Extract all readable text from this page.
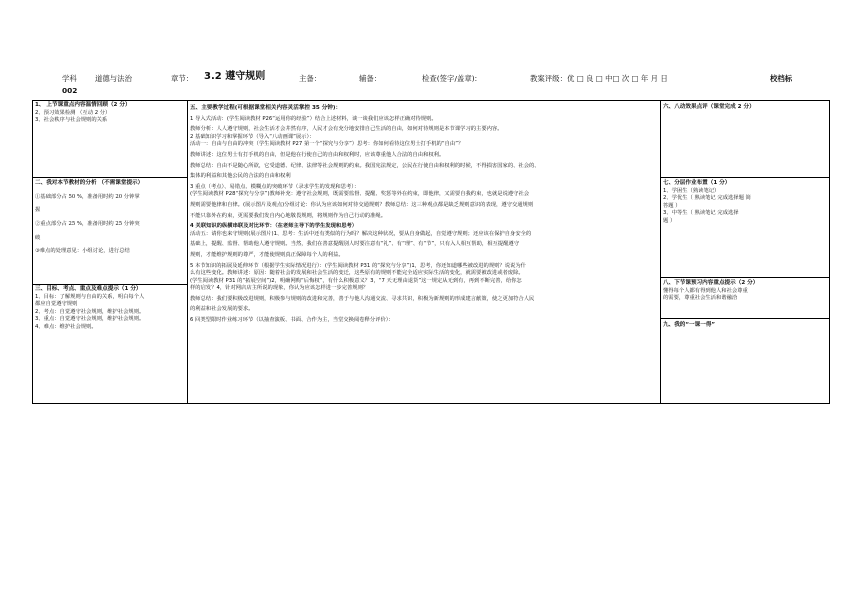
学科 道德与法治	章节： 3.2 遵守规则	主备：	辅备：	检查(签字/盖章):	教案评级：优 □ 良 □ 中□ 次 □ 年 月 日	校档标
002

1、 上节课重点内容温情回顾（2 分）

2、预习效果检测 （互动 2 分）

3、社会秩序与社会规则的关系

二、我对本节教材的分析 （不需课堂提示）

①基础部分占 50 %，准备用时约 20 分钟掌

握

②重点部分占 25 %，准备用时约 25 分钟突

破

③难点的处理意见：小组讨论，进行总结

三、目标、考点、重点及难点提示（1 分）

1、目标：了解规则与自由的关系，明白每个人

都应自觉遵守规则

2、考点：自觉遵守社会规则，维护社会规则。

3、重点：自觉遵守社会规则，维护社会规则。

4、难点：维护社会规则。

五、主要教学过程(可根据课堂相关内容灵活掌控 35 分钟)：

1 导入式活动：(学生阅读教材 P26“运用你的经验”）结合上述材料，谈一谈我们应该怎样正确对待规则。

教师分析：人人遵守规则，社会生活才会井然有序，人民才会有充分地安排自己生活的自由，如何对待规则是本节课学习的主要内容。

2 基础知识学习和掌握环节（导入“八动画课”展示）：

活动一：自由与自由的冲突（学生阅读教材 P27 第一个“探究与分享”）思考：你如何看待这位男士打手机的“自由”？

教师讲述：这位男士有打手机的自由，但是他在行使自己的自由和权利时，应该尊重他人合法的自由和权利。

教师总结：自由不是随心所欲，它受道德、纪律、法律等社会规则的约束。我国宪法规定，公民在行使自由和权利的时候，不得损害国家的、社会的、

集体的利益和其他公民的合法的自由和权利

3 重点（考点）、易错点、模糊点的突破环节（录求学生的发现和思考）：

(学生阅读教材 P28“探究与分享”)教师补充：遵守社会规则，既需要监督、提醒、奖惩等外在约束，即他律，又需要自我约束，也就是说遵守社会

规则需要他律和自律。(展示图片及观点)分组讨论：你认为应该如何对待交通规则？教师总结：这三种观点都是缺乏规则意识的表现，遵守交通规则

不能只靠外在约束，更需要我们发自内心地敬畏规则，将规则作为自己行动的准绳。

4 关联知识的纵横串联及对比环节：（在老师主导下的学生发现和思考）

活动五：请你也来守规则(展示图片)1、思考：生活中还有类似的行为吗？解决这种状况，要从自身做起，自觉遵守规则；还应该在保护自身安全的

基础上，提醒、监督、帮助他人遵守规则。当然，我们在善意提醒别人时要注意有“礼”、有“理”、有“节”，只有入人相互帮助，相互提醒遵守

规则，才能维护规则的尊严，才能使规则真正保障每个人的利益。

5 本节知识的拓展及延伸环节（根据学生实际情况进行）：(学生阅读教材 P31 的“探究与分享”)1，思考，你还知道哪些被改进的规则？说说为什

么有这些变化。教师讲述：原因：随着社会的发展和社会生活的变迁，这些原有的规则不能完全适应实际生活的变化，就需要被改进或者废除。

(学生阅读教材 P31 的“拓展空间”)2，明确网购“后悔权”，有什么积极意义？3，“7 天无理由退货”这一规定从无到有，再到不断完善，给你怎

样的启发？4，针对网店店主所说的现象，你认为应该怎样进一步完善规则？

教师总结：我们要积极改进规则，积极参与规则的改进和完善，善于与他人沟通交流、寻求共识，积极为新规则的形成建言献策，使之更加符合人民

的利益和社会发展的要求。

6 回类型限时作业练习环节（以抽查演板、书面、合作为主，当堂交换阅卷释分评价）：

六、八动效果点评（课堂完成 2 分）

七、分层作业布置（1 分）

1、学困生（熟读笔记）

2、学优生（ 熟读笔记 完成选择题 简

答题 ）

3、中等生（ 熟读笔记 完成选择

题 ）

八、下节课预习内容重点提示（2 分）

懂得每个人都有得到他人和社会尊重

的需要，尊重社会生活和谐融洽

九、我的“一课一得”
